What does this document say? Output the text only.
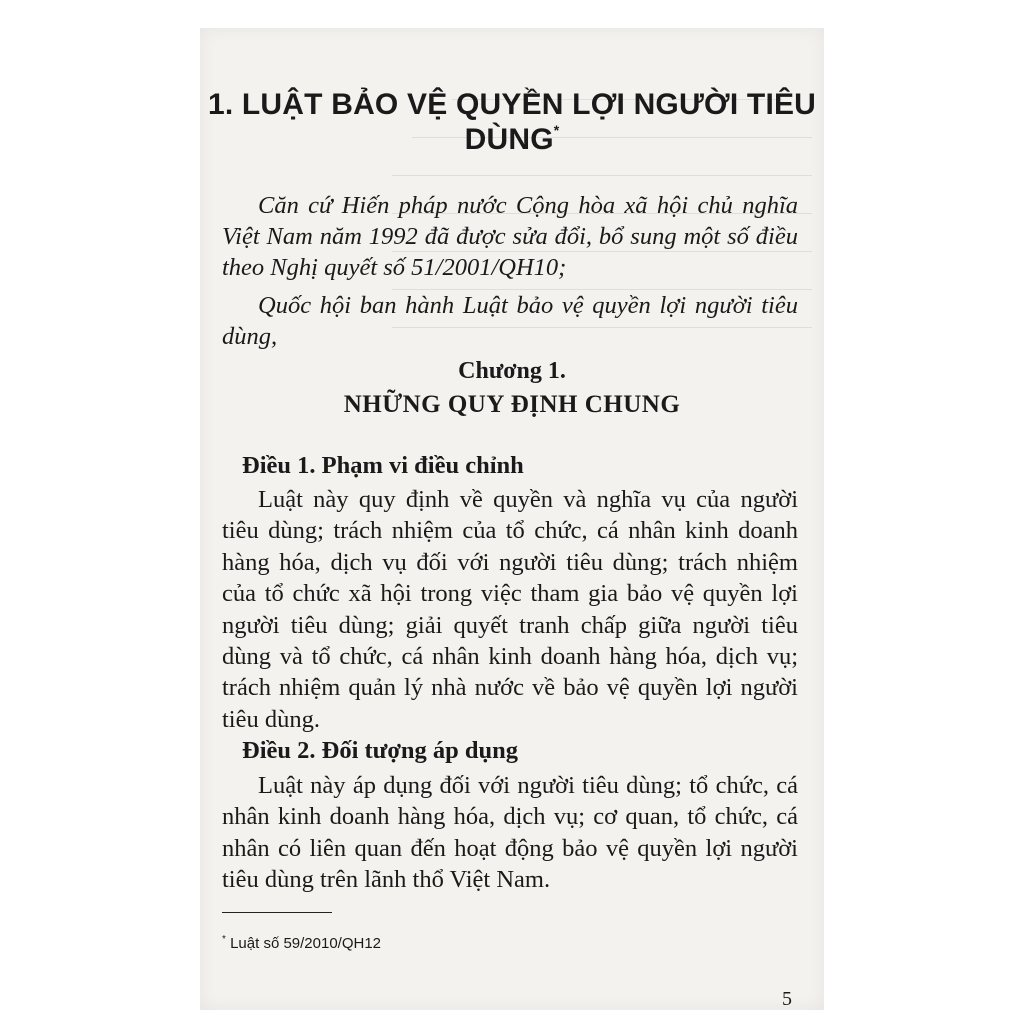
1. LUẬT BẢO VỆ QUYỀN LỢI NGƯỜI TIÊU DÙNG*

Căn cứ Hiến pháp nước Cộng hòa xã hội chủ nghĩa Việt Nam năm 1992 đã được sửa đổi, bổ sung một số điều theo Nghị quyết số 51/2001/QH10;

Quốc hội ban hành Luật bảo vệ quyền lợi người tiêu dùng,

Chương 1.
NHỮNG QUY ĐỊNH CHUNG
Điều 1. Phạm vi điều chỉnh

Luật này quy định về quyền và nghĩa vụ của người tiêu dùng; trách nhiệm của tổ chức, cá nhân kinh doanh hàng hóa, dịch vụ đối với người tiêu dùng; trách nhiệm của tổ chức xã hội trong việc tham gia bảo vệ quyền lợi người tiêu dùng; giải quyết tranh chấp giữa người tiêu dùng và tổ chức, cá nhân kinh doanh hàng hóa, dịch vụ; trách nhiệm quản lý nhà nước về bảo vệ quyền lợi người tiêu dùng.

Điều 2. Đối tượng áp dụng

Luật này áp dụng đối với người tiêu dùng; tổ chức, cá nhân kinh doanh hàng hóa, dịch vụ; cơ quan, tổ chức, cá nhân có liên quan đến hoạt động bảo vệ quyền lợi người tiêu dùng trên lãnh thổ Việt Nam.

* Luật số 59/2010/QH12
5
